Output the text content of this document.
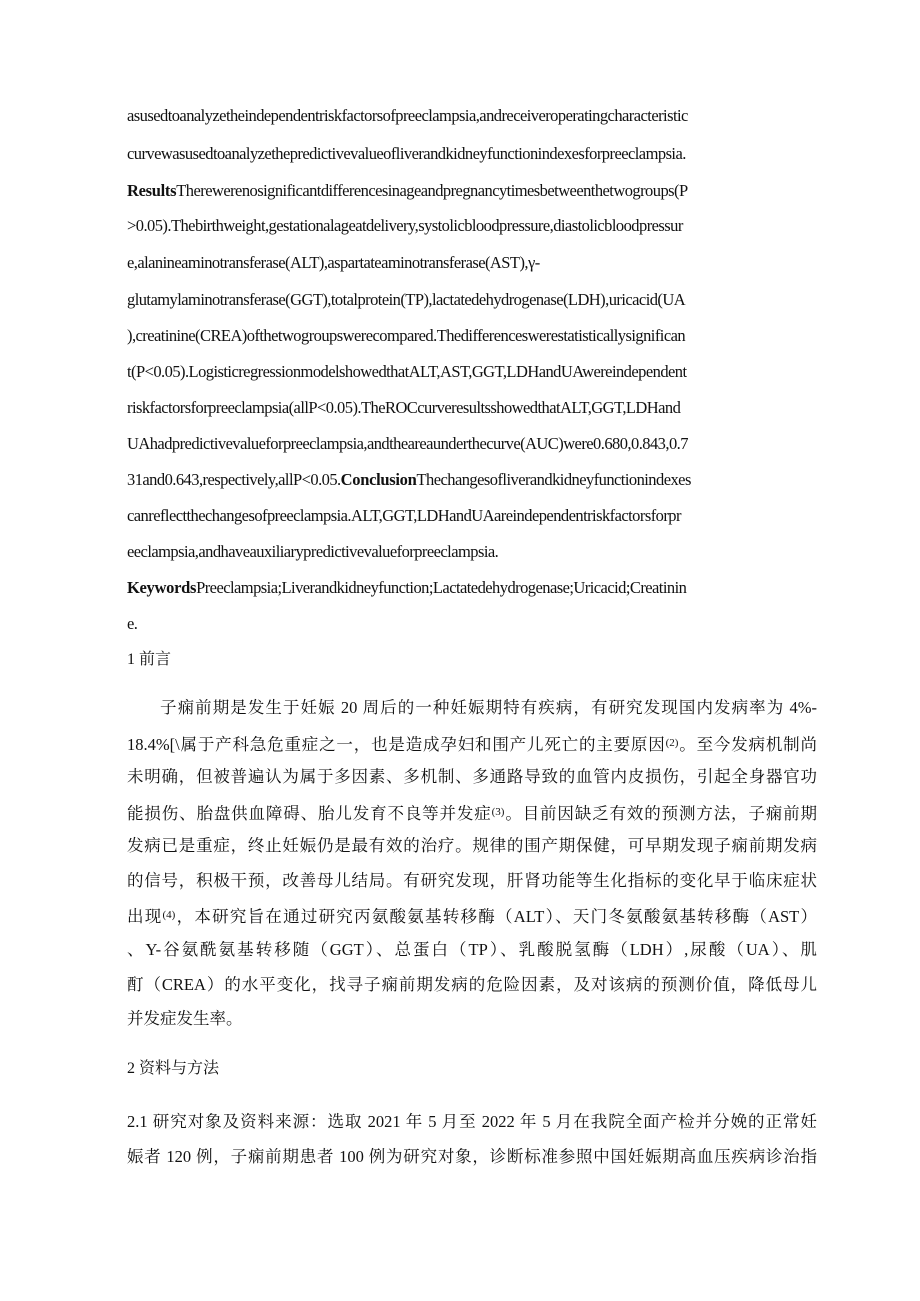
asusedtoanalyzetheindependentriskfactorsofpreeclampsia,andreceiveroperatingcharacteristic
curvewasusedtoanalyzethepredictivevalueofliverandkidneyfunctionindexesforpreeclampsia.
ResultsTherewerenosignificantdifferencesinageandpregnancytimesbetweenthetwogroups(P
>0.05).Thebirthweight,gestationalageatdelivery,systolicbloodpressure,diastolicbloodpressur
e,alanineaminotransferase(ALT),aspartateaminotransferase(AST),γ-
glutamylaminotransferase(GGT),totalprotein(TP),lactatedehydrogenase(LDH),uricacid(UA
),creatinine(CREA)ofthetwogroupswerecompared.Thedifferenceswerestatisticallysignifican
t(P<0.05).LogisticregressionmodelshowedthatALT,AST,GGT,LDHandUAwereindependent
riskfactorsforpreeclampsia(allP<0.05).TheROCcurveresultsshowedthatALT,GGT,LDHand
UAhadpredictivevalueforpreeclampsia,andtheareaunderthecurve(AUC)were0.680,0.843,0.7
31and0.643,respectively,allP<0.05.ConclusionThechangesofliverandkidneyfunctionindexes
canreflectthechangesofpreeclampsia.ALT,GGT,LDHandUAareindependentriskfactorsforpr
eeclampsia,andhaveauxiliarypredictivevalueforpreeclampsia.
KeywordsPreeclampsia;Liverandkidneyfunction;Lactatedehydrogenase;Uricacid;Creatinin
e.
1 前言
子痫前期是发生于妊娠 20 周后的一种妊娠期特有疾病，有研究发现国内发病率为 4%-
18.4%[\属于产科急危重症之一，也是造成孕妇和围产儿死亡的主要原因$^{(2)}$。至今发病机制尚
未明确，但被普遍认为属于多因素、多机制、多通路导致的血管内皮损伤，引起全身器官功
能损伤、胎盘供血障碍、胎儿发育不良等并发症$^{(3)}$。目前因缺乏有效的预测方法，子痫前期
发病已是重症，终止妊娠仍是最有效的治疗。规律的围产期保健，可早期发现子痫前期发病
的信号，积极干预，改善母儿结局。有研究发现，肝肾功能等生化指标的变化早于临床症状
出现$^{(4)}$，本研究旨在通过研究丙氨酸氨基转移酶（ALT）、天门冬氨酸氨基转移酶（AST）
、Y-谷氨酰氨基转移随（GGT）、总蛋白（TP）、乳酸脱氢酶（LDH）,尿酸（UA）、肌
酊（CREA）的水平变化，找寻子痫前期发病的危险因素，及对该病的预测价值，降低母儿
并发症发生率。
2 资料与方法
2.1 研究对象及资料来源：选取 2021 年 5 月至 2022 年 5 月在我院全面产检并分娩的正常妊
娠者 120 例，子痫前期患者 100 例为研究对象，诊断标准参照中国妊娠期高血压疾病诊治指
